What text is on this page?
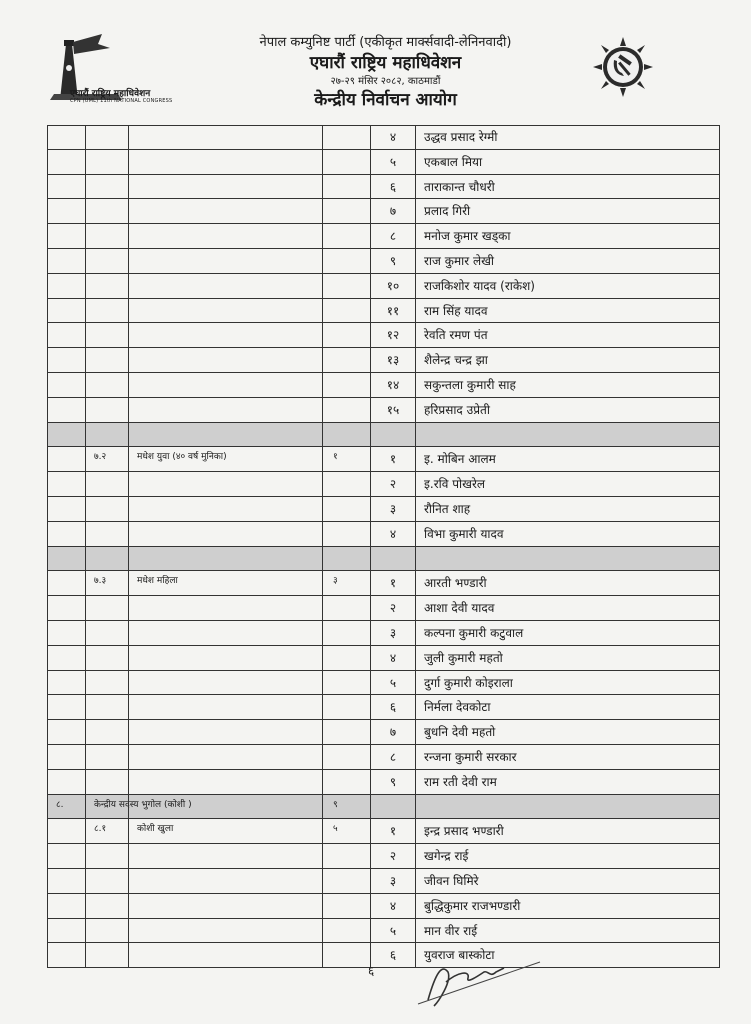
एघारौं राष्ट्रिय महाधिवेशन
CPN (UML) 11th NATIONAL CONGRESS
नेपाल कम्युनिष्ट पार्टी (एकीकृत मार्क्सवादी-लेनिनवादी)
एघारौं राष्ट्रिय महाधिवेशन
२७-२९ मंसिर २०८२, काठमाडौं
केन्द्रीय निर्वाचन आयोग
४	उद्धव प्रसाद रेग्मी
५	एकबाल मिया
६	ताराकान्त चौधरी
७	प्रलाद गिरी
८	मनोज कुमार खड्का
९	राज कुमार लेखी
१०	राजकिशोर यादव (राकेश)
११	राम सिंह यादव
१२	रेवति रमण पंत
१३	शैलेन्द्र चन्द्र झा
१४	सकुन्तला कुमारी साह
१५	हरिप्रसाद उप्रेती
७.२	मधेश युवा (४० वर्ष मुनिका)	१	१	इ. मोबिन आलम
२	इ.रवि पोखरेल
३	रौनित शाह
४	विभा कुमारी यादव
७.३	मधेश महिला	३	१	आरती भण्डारी
२	आशा देवी यादव
३	कल्पना कुमारी कटुवाल
४	जुली कुमारी महतो
५	दुर्गा कुमारी कोइराला
६	निर्मला देवकोटा
७	बुधनि देवी महतो
८	रन्जना कुमारी सरकार
९	राम रती देवी राम
८.	केन्द्रीय सदस्य भुगोल (कोशी )	९
८.१	कोशी खुला	५	१	इन्द्र प्रसाद भण्डारी
२	खगेन्द्र राई
३	जीवन घिमिरे
४	बुद्धिकुमार राजभण्डारी
५	मान वीर राई
६	युवराज बास्कोटा
६
